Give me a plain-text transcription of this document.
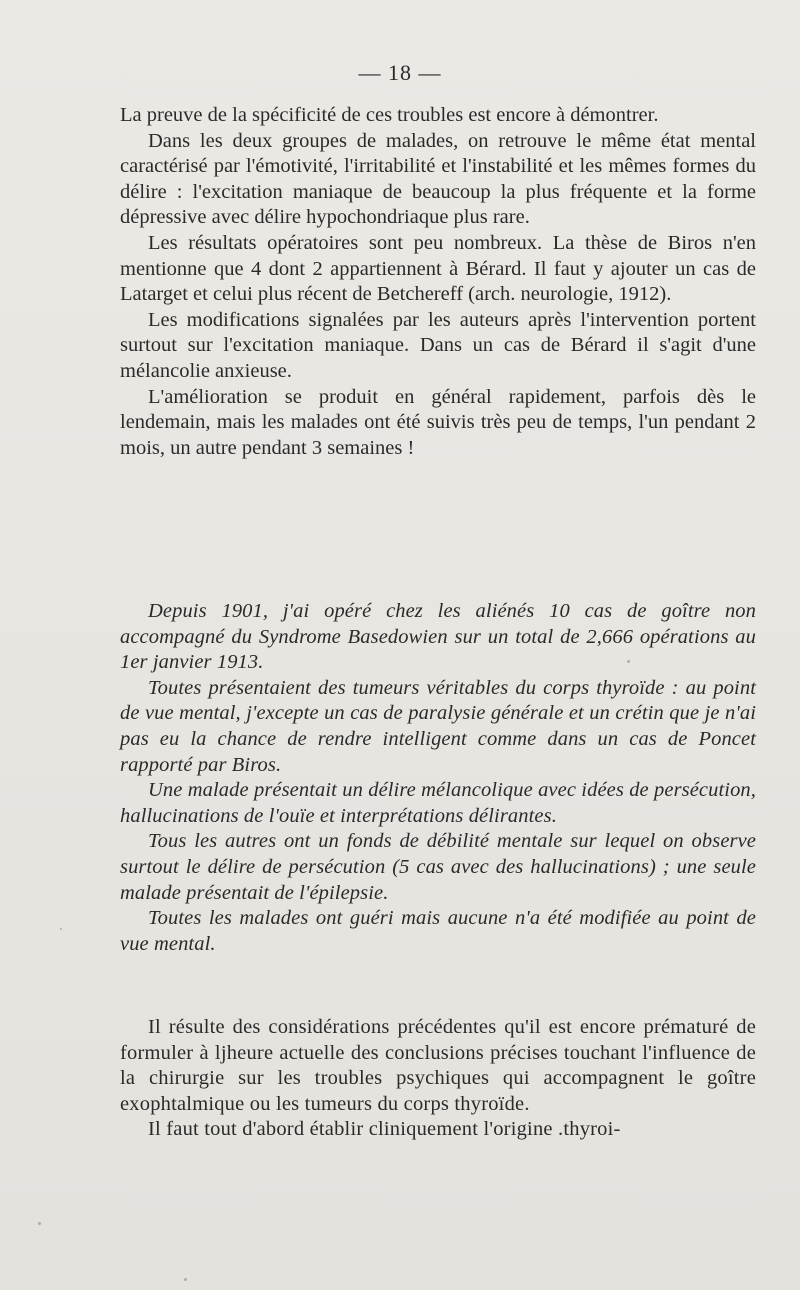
— 18 —

La preuve de la spécificité de ces troubles est encore à démontrer.

Dans les deux groupes de malades, on retrouve le même état mental caractérisé par l'émotivité, l'irritabilité et l'instabilité et les mêmes formes du délire : l'excitation maniaque de beaucoup la plus fréquente et la forme dépressive avec délire hypochondriaque plus rare.

Les résultats opératoires sont peu nombreux. La thèse de Biros n'en mentionne que 4 dont 2 appartiennent à Bérard. Il faut y ajouter un cas de Latarget et celui plus récent de Betchereff (arch. neurologie, 1912).

Les modifications signalées par les auteurs après l'intervention portent surtout sur l'excitation maniaque. Dans un cas de Bérard il s'agit d'une mélancolie anxieuse.

L'amélioration se produit en général rapidement, parfois dès le lendemain, mais les malades ont été suivis très peu de temps, l'un pendant 2 mois, un autre pendant 3 semaines !

Depuis 1901, j'ai opéré chez les aliénés 10 cas de goître non accompagné du Syndrome Basedowien sur un total de 2,666 opérations au 1er janvier 1913.

Toutes présentaient des tumeurs véritables du corps thyroïde : au point de vue mental, j'excepte un cas de paralysie générale et un crétin que je n'ai pas eu la chance de rendre intelligent comme dans un cas de Poncet rapporté par Biros.

Une malade présentait un délire mélancolique avec idées de persécution, hallucinations de l'ouïe et interprétations délirantes.

Tous les autres ont un fonds de débilité mentale sur lequel on observe surtout le délire de persécution (5 cas avec des hallucinations) ; une seule malade présentait de l'épilepsie.

Toutes les malades ont guéri mais aucune n'a été modifiée au point de vue mental.

Il résulte des considérations précédentes qu'il est encore prématuré de formuler à ljheure actuelle des conclusions précises touchant l'influence de la chirurgie sur les troubles psychiques qui accompagnent le goître exophtalmique ou les tumeurs du corps thyroïde.

Il faut tout d'abord établir cliniquement l'origine .thyroi-
